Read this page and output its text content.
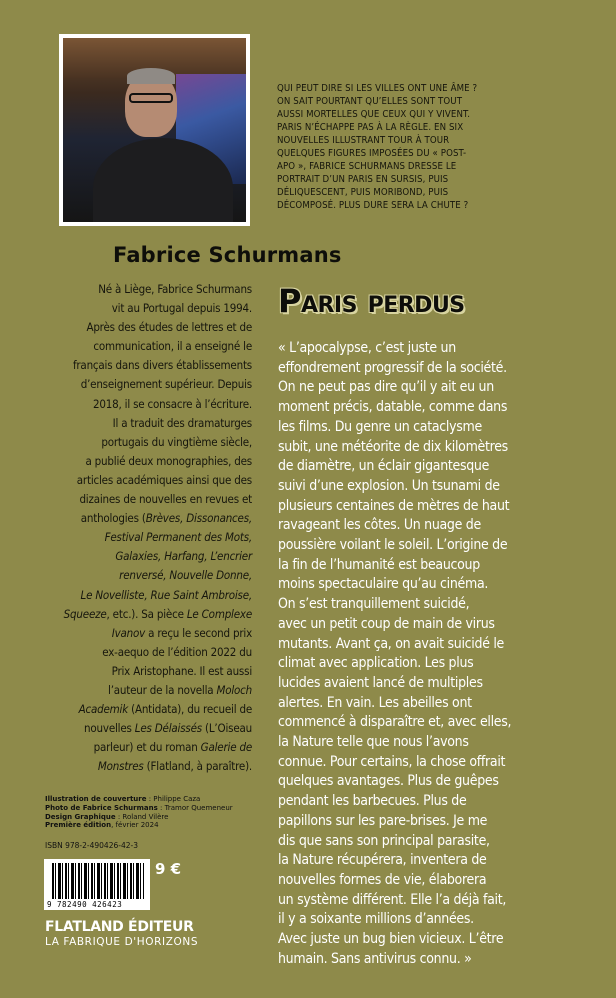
QUI PEUT DIRE SI LES VILLES ONT UNE ÂME ?
ON SAIT POURTANT QU’ELLES SONT TOUT
AUSSI MORTELLES QUE CEUX QUI Y VIVENT.
PARIS N’ÉCHAPPE PAS À LA RÈGLE. EN SIX
NOUVELLES ILLUSTRANT TOUR À TOUR
QUELQUES FIGURES IMPOSÉES DU « POST-
APO », FABRICE SCHURMANS DRESSE LE
PORTRAIT D’UN PARIS EN SURSIS, PUIS
DÉLIQUESCENT, PUIS MORIBOND, PUIS
DÉCOMPOSÉ. PLUS DURE SERA LA CHUTE ?
Fabrice Schurmans
Paris perdus
Né à Liège, Fabrice Schurmans
vit au Portugal depuis 1994.
Après des études de lettres et de
communication, il a enseigné le
français dans divers établissements
d’enseignement supérieur. Depuis
2018, il se consacre à l’écriture.
Il a traduit des dramaturges
portugais du vingtième siècle,
a publié deux monographies, des
articles académiques ainsi que des
dizaines de nouvelles en revues et
anthologies (Brèves, Dissonances,
Festival Permanent des Mots,
Galaxies, Harfang, L’encrier
renversé, Nouvelle Donne,
Le Novelliste, Rue Saint Ambroise,
Squeeze, etc.). Sa pièce Le Complexe
Ivanov a reçu le second prix
ex-aequo de l’édition 2022 du
Prix Aristophane. Il est aussi
l’auteur de la novella Moloch
Academik (Antidata), du recueil de
nouvelles Les Délaissés (L’Oiseau
parleur) et du roman Galerie de
Monstres (Flatland, à paraître).
« L’apocalypse, c’est juste un
effondrement progressif de la société.
On ne peut pas dire qu’il y ait eu un
moment précis, datable, comme dans
les films. Du genre un cataclysme
subit, une météorite de dix kilomètres
de diamètre, un éclair gigantesque
suivi d’une explosion. Un tsunami de
plusieurs centaines de mètres de haut
ravageant les côtes. Un nuage de
poussière voilant le soleil. L’origine de
la fin de l’humanité est beaucoup
moins spectaculaire qu’au cinéma.
On s’est tranquillement suicidé,
avec un petit coup de main de virus
mutants. Avant ça, on avait suicidé le
climat avec application. Les plus
lucides avaient lancé de multiples
alertes. En vain. Les abeilles ont
commencé à disparaître et, avec elles,
la Nature telle que nous l’avons
connue. Pour certains, la chose offrait
quelques avantages. Plus de guêpes
pendant les barbecues. Plus de
papillons sur les pare-brises. Je me
dis que sans son principal parasite,
la Nature récupérera, inventera de
nouvelles formes de vie, élaborera
un système différent. Elle l’a déjà fait,
il y a soixante millions d’années.
Avec juste un bug bien vicieux. L’être
humain. Sans antivirus connu. »
Illustration de couverture : Philippe Caza
Photo de Fabrice Schurmans : Tramor Quemeneur
Design Graphique : Roland Vilère
Première édition, février 2024
ISBN 978-2-490426-42-3
9 782490 426423
9 €
FLATLAND ÉDITEUR
LA FABRIQUE D'HORIZONS
